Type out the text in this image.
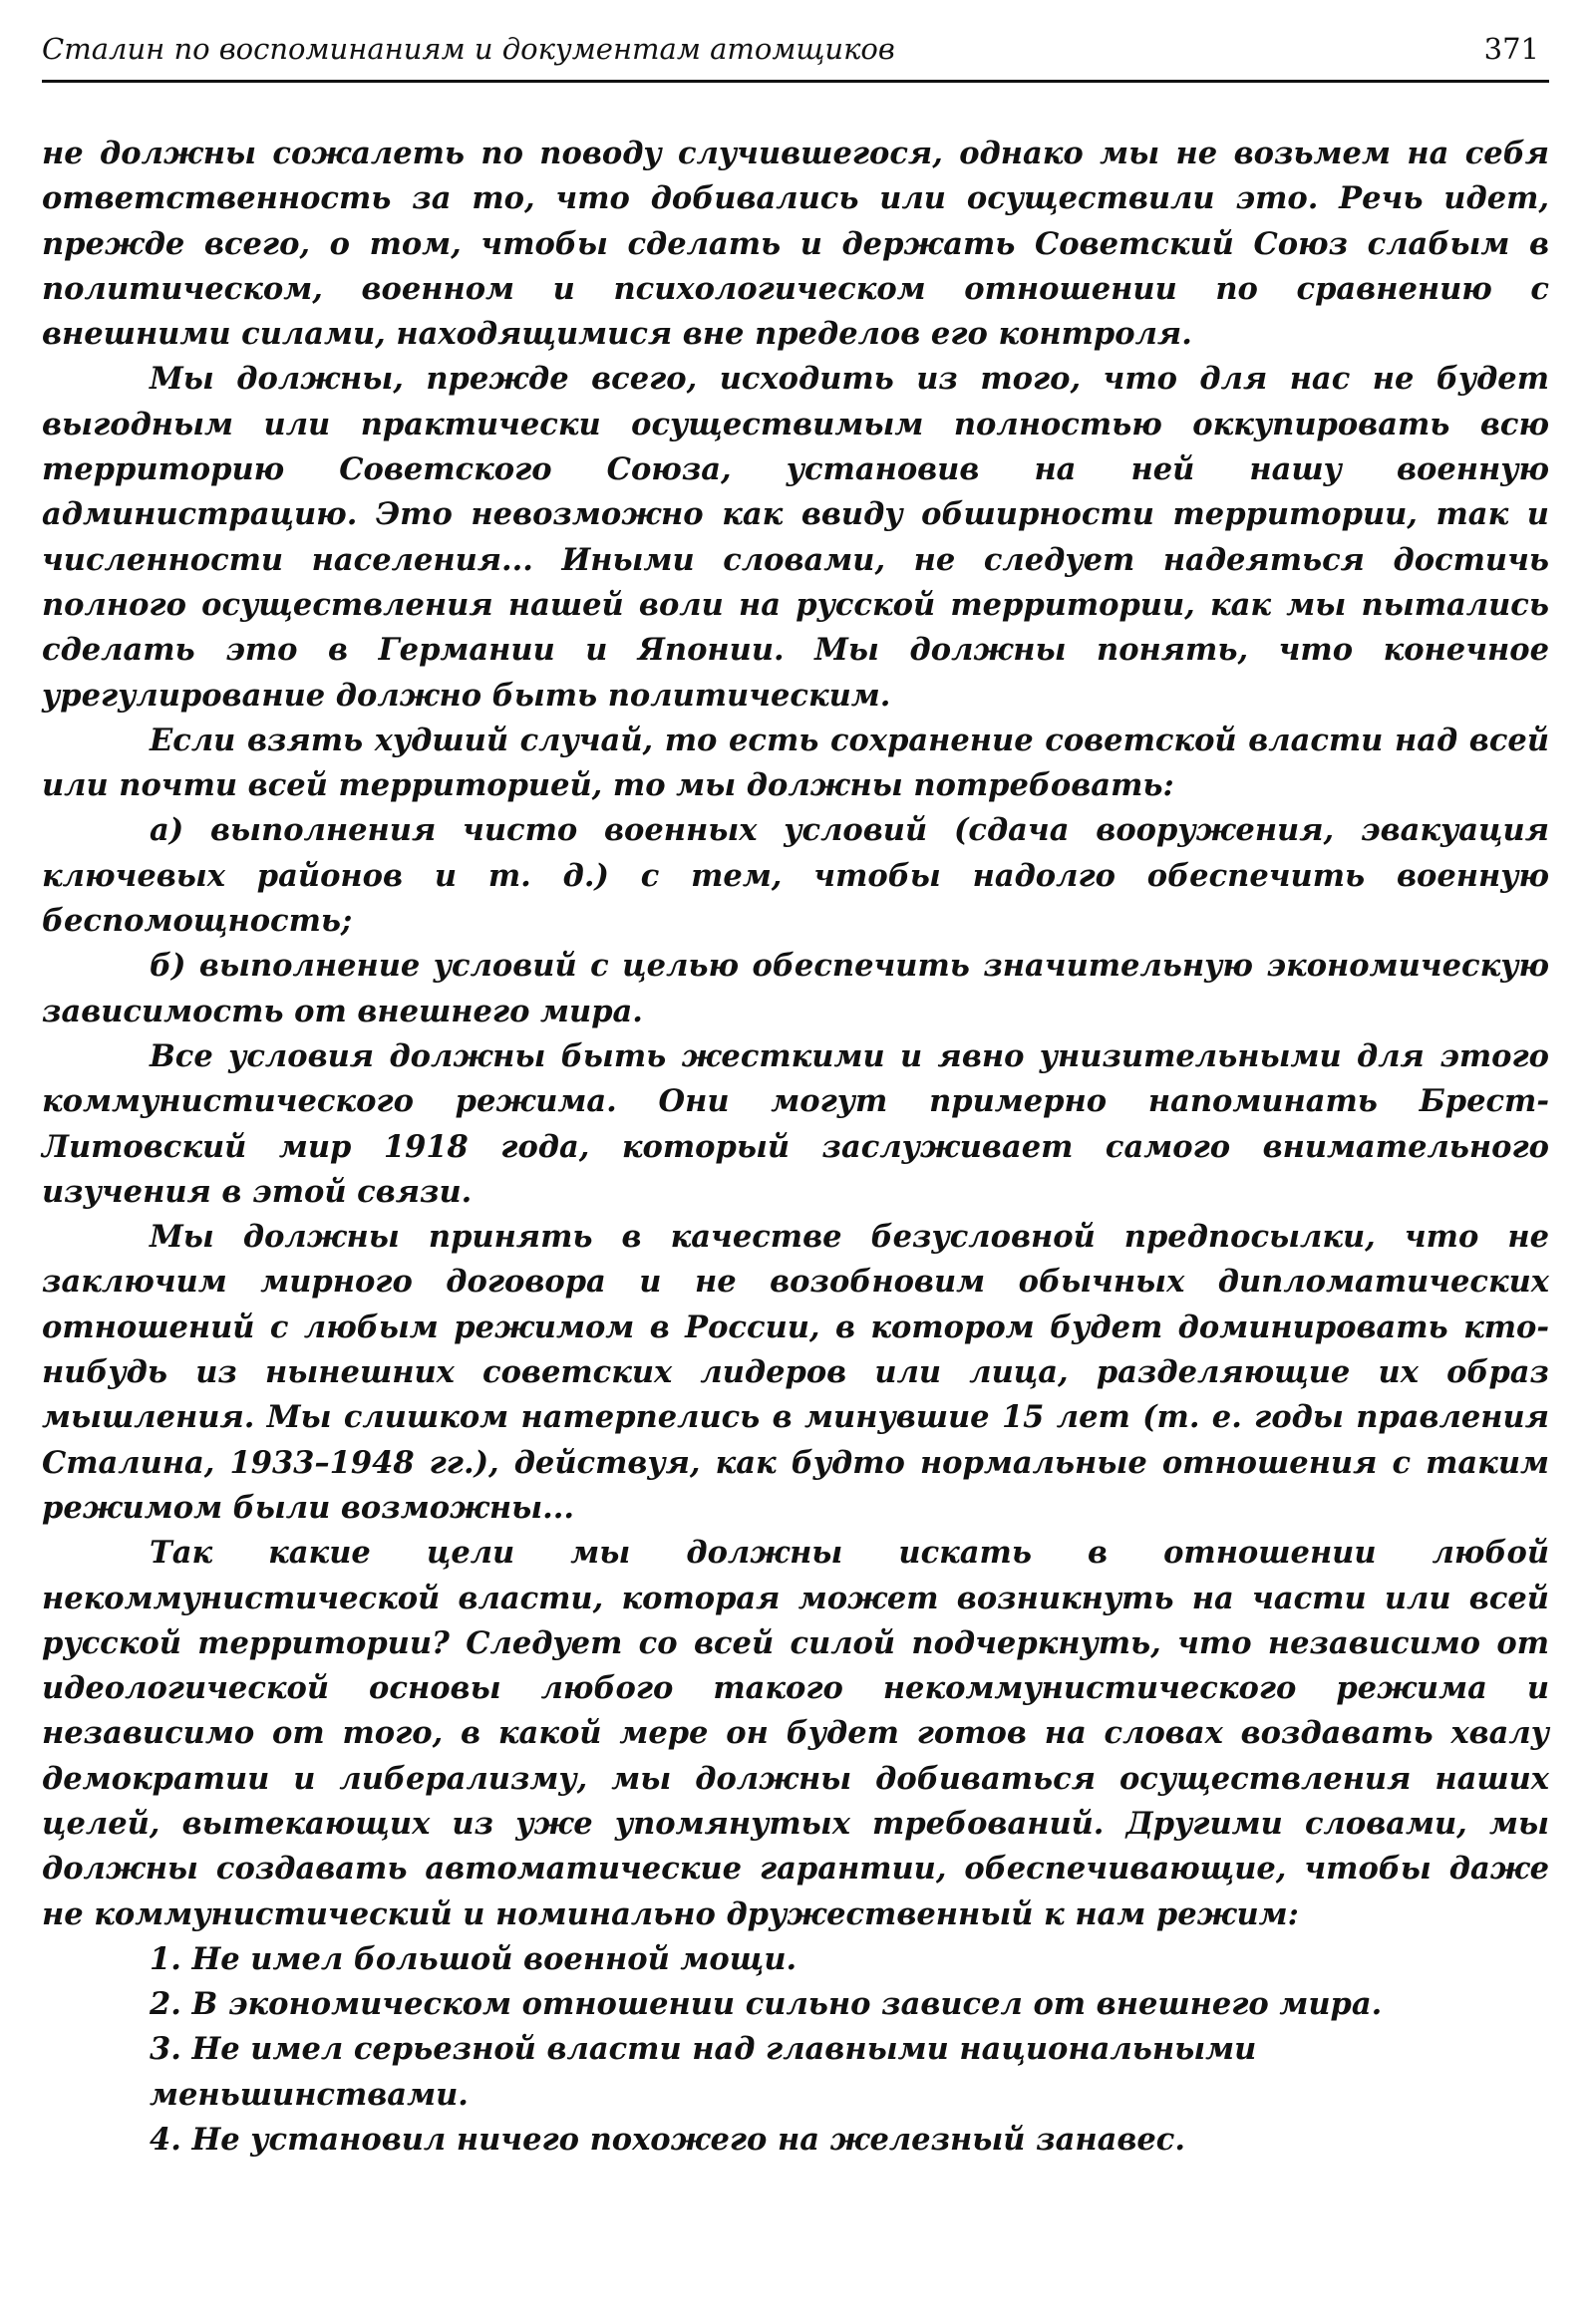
Сталин по воспоминаниям и документам атомщиков	371

не должны сожалеть по поводу случившегося, однако мы не возьмем на себя ответственность за то, что добивались или осуществили это. Речь идет, прежде всего, о том, чтобы сделать и держать Советский Союз слабым в политическом, военном и психологическом отношении по сравнению с внешними силами, находящимися вне пределов его контроля.

Мы должны, прежде всего, исходить из того, что для нас не будет выгодным или практически осуществимым полностью оккупировать всю территорию Советского Союза, установив на ней нашу военную администрацию. Это невозможно как ввиду обширности территории, так и численности населения... Иными словами, не следует надеяться достичь полного осуществления нашей воли на русской территории, как мы пытались сделать это в Германии и Японии. Мы должны понять, что конечное урегулирование должно быть политическим.

Если взять худший случай, то есть сохранение советской власти над всей или почти всей территорией, то мы должны потребовать:

а) выполнения чисто военных условий (сдача вооружения, эвакуация ключевых районов и т. д.) с тем, чтобы надолго обеспечить военную беспомощность;

б) выполнение условий с целью обеспечить значительную экономическую зависимость от внешнего мира.

Все условия должны быть жесткими и явно унизительными для этого коммунистического режима. Они могут примерно напоминать Брест-Литовский мир 1918 года, который заслуживает самого внимательного изучения в этой связи.

Мы должны принять в качестве безусловной предпосылки, что не заключим мирного договора и не возобновим обычных дипломатических отношений с любым режимом в России, в котором будет доминировать кто-нибудь из нынешних советских лидеров или лица, разделяющие их образ мышления. Мы слишком натерпелись в минувшие 15 лет (т. е. годы правления Сталина, 1933–1948 гг.), действуя, как будто нормальные отношения с таким режимом были возможны...

Так какие цели мы должны искать в отношении любой некоммунистической власти, которая может возникнуть на части или всей русской территории? Следует со всей силой подчеркнуть, что независимо от идеологической основы любого такого некоммунистического режима и независимо от того, в какой мере он будет готов на словах воздавать хвалу демократии и либерализму, мы должны добиваться осуществления наших целей, вытекающих из уже упомянутых требований. Другими словами, мы должны создавать автоматические гарантии, обеспечивающие, чтобы даже не коммунистический и номинально дружественный к нам режим:

1. Не имел большой военной мощи.

2. В экономическом отношении сильно зависел от внешнего мира.

3. Не имел серьезной власти над главными национальными меньшинствами.

4. Не установил ничего похожего на железный занавес.
